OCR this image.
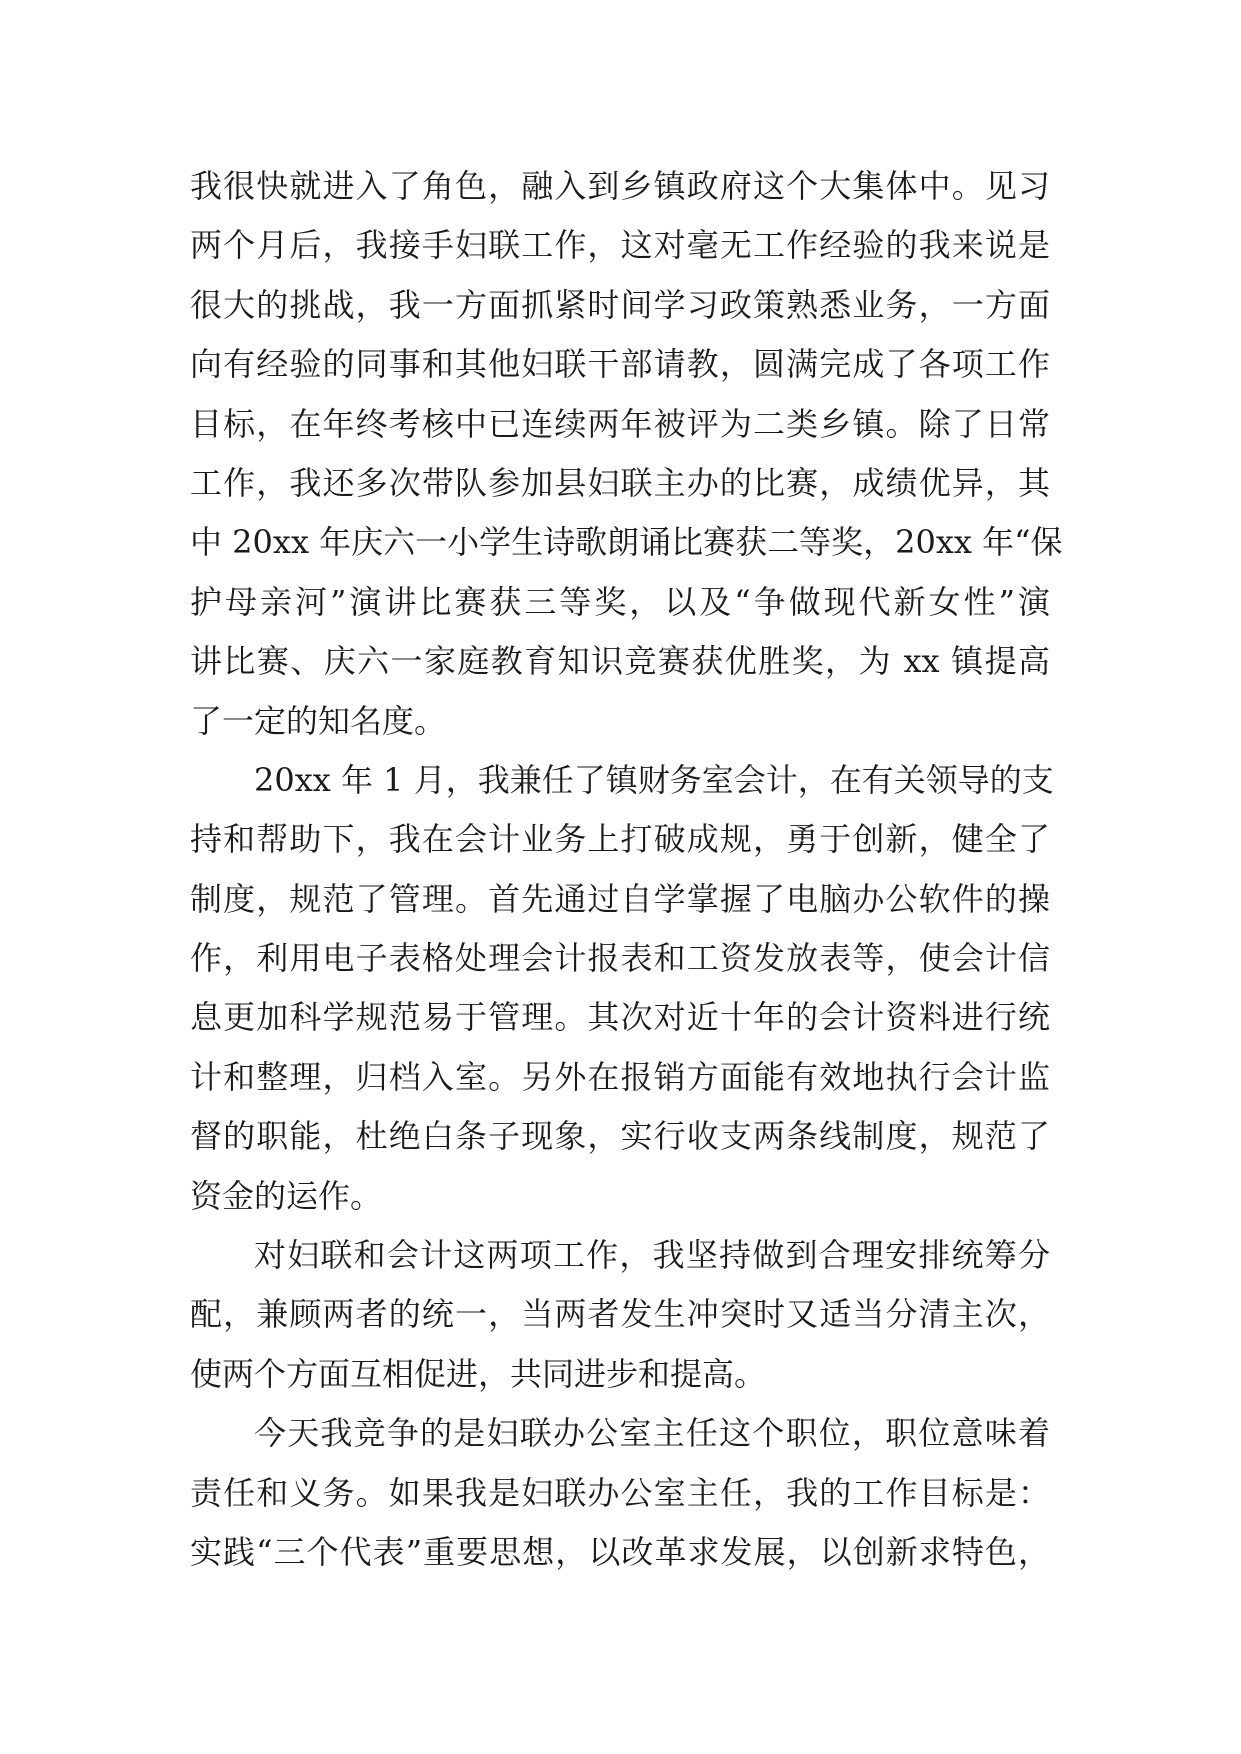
我很快就进入了角色，融入到乡镇政府这个大集体中。见习
两个月后，我接手妇联工作，这对毫无工作经验的我来说是
很大的挑战，我一方面抓紧时间学习政策熟悉业务，一方面
向有经验的同事和其他妇联干部请教，圆满完成了各项工作
目标，在年终考核中已连续两年被评为二类乡镇。除了日常
工作，我还多次带队参加县妇联主办的比赛，成绩优异，其
中 20xx 年庆六一小学生诗歌朗诵比赛获二等奖，20xx 年“保
护母亲河”演讲比赛获三等奖，以及“争做现代新女性”演
讲比赛、庆六一家庭教育知识竞赛获优胜奖，为 xx 镇提高
了一定的知名度。
20xx 年 1 月，我兼任了镇财务室会计，在有关领导的支
持和帮助下，我在会计业务上打破成规，勇于创新，健全了
制度，规范了管理。首先通过自学掌握了电脑办公软件的操
作，利用电子表格处理会计报表和工资发放表等，使会计信
息更加科学规范易于管理。其次对近十年的会计资料进行统
计和整理，归档入室。另外在报销方面能有效地执行会计监
督的职能，杜绝白条子现象，实行收支两条线制度，规范了
资金的运作。
对妇联和会计这两项工作，我坚持做到合理安排统筹分
配，兼顾两者的统一，当两者发生冲突时又适当分清主次，
使两个方面互相促进，共同进步和提高。
今天我竞争的是妇联办公室主任这个职位，职位意味着
责任和义务。如果我是妇联办公室主任，我的工作目标是：
实践“三个代表”重要思想，以改革求发展，以创新求特色，
